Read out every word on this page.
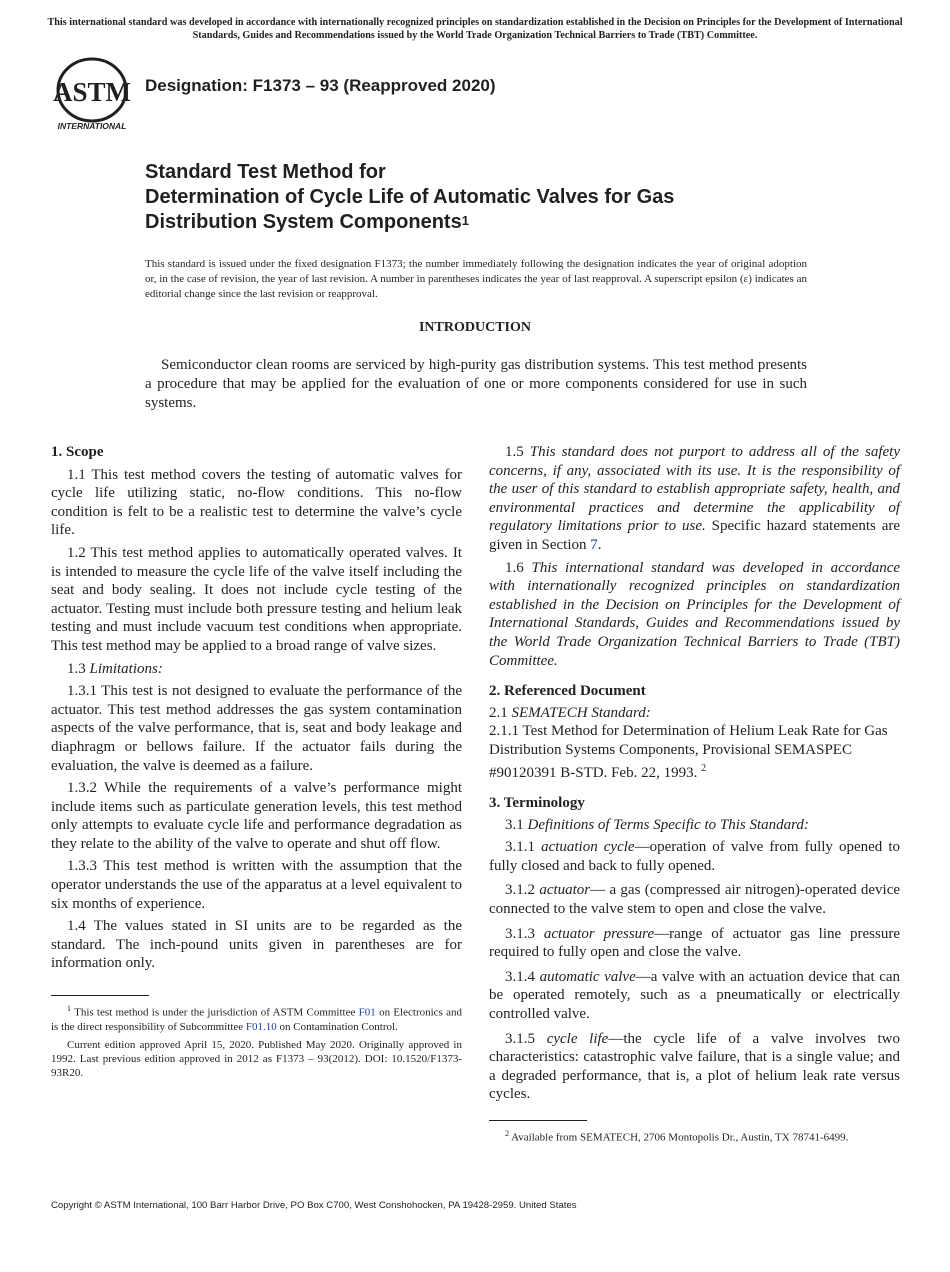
This international standard was developed in accordance with internationally recognized principles on standardization established in the Decision on Principles for the Development of International Standards, Guides and Recommendations issued by the World Trade Organization Technical Barriers to Trade (TBT) Committee.
ASTM
INTERNATIONAL
Designation: F1373 – 93 (Reapproved 2020)
Standard Test Method for
Determination of Cycle Life of Automatic Valves for Gas
Distribution System Components$^1$
This standard is issued under the fixed designation F1373; the number immediately following the designation indicates the year of original adoption or, in the case of revision, the year of last revision. A number in parentheses indicates the year of last reapproval. A superscript epsilon (ε) indicates an editorial change since the last revision or reapproval.
INTRODUCTION
Semiconductor clean rooms are serviced by high-purity gas distribution systems. This test method presents a procedure that may be applied for the evaluation of one or more components considered for use in such systems.
1. Scope

1.1 This test method covers the testing of automatic valves for cycle life utilizing static, no-flow conditions. This no-flow condition is felt to be a realistic test to determine the valve’s cycle life.

1.2 This test method applies to automatically operated valves. It is intended to measure the cycle life of the valve itself including the seat and body sealing. It does not include cycle testing of the actuator. Testing must include both pressure testing and helium leak testing and must include vacuum test conditions when appropriate. This test method may be applied to a broad range of valve sizes.

1.3 Limitations:

1.3.1 This test is not designed to evaluate the performance of the actuator. This test method addresses the gas system contamination aspects of the valve performance, that is, seat and body leakage and diaphragm or bellows failure. If the actuator fails during the evaluation, the valve is deemed as a failure.

1.3.2 While the requirements of a valve’s performance might include items such as particulate generation levels, this test method only attempts to evaluate cycle life and performance degradation as they relate to the ability of the valve to operate and shut off flow.

1.3.3 This test method is written with the assumption that the operator understands the use of the apparatus at a level equivalent to six months of experience.

1.4 The values stated in SI units are to be regarded as the standard. The inch-pound units given in parentheses are for information only.

$^1$ This test method is under the jurisdiction of ASTM Committee F01 on Electronics and is the direct responsibility of Subcommittee F01.10 on Contamination Control.

Current edition approved April 15, 2020. Published May 2020. Originally approved in 1992. Last previous edition approved in 2012 as F1373 – 93(2012). DOI: 10.1520/F1373-93R20.

1.5 This standard does not purport to address all of the safety concerns, if any, associated with its use. It is the responsibility of the user of this standard to establish appropriate safety, health, and environmental practices and determine the applicability of regulatory limitations prior to use. Specific hazard statements are given in Section 7.

1.6 This international standard was developed in accordance with internationally recognized principles on standardization established in the Decision on Principles for the Development of International Standards, Guides and Recommendations issued by the World Trade Organization Technical Barriers to Trade (TBT) Committee.

2. Referenced Document

2.1 SEMATECH Standard:

2.1.1 Test Method for Determination of Helium Leak Rate for Gas Distribution Systems Components, Provisional SEMASPEC #90120391 B-STD. Feb. 22, 1993. $^2$

3. Terminology

3.1 Definitions of Terms Specific to This Standard:

3.1.1 actuation cycle—operation of valve from fully opened to fully closed and back to fully opened.

3.1.2 actuator— a gas (compressed air nitrogen)-operated device connected to the valve stem to open and close the valve.

3.1.3 actuator pressure—range of actuator gas line pressure required to fully open and close the valve.

3.1.4 automatic valve—a valve with an actuation device that can be operated remotely, such as a pneumatically or electrically controlled valve.

3.1.5 cycle life—the cycle life of a valve involves two characteristics: catastrophic valve failure, that is a single value; and a degraded performance, that is, a plot of helium leak rate versus cycles.

$^2$ Available from SEMATECH, 2706 Montopolis Dr., Austin, TX 78741-6499.

Copyright © ASTM International, 100 Barr Harbor Drive, PO Box C700, West Conshohocken, PA 19428-2959. United States
